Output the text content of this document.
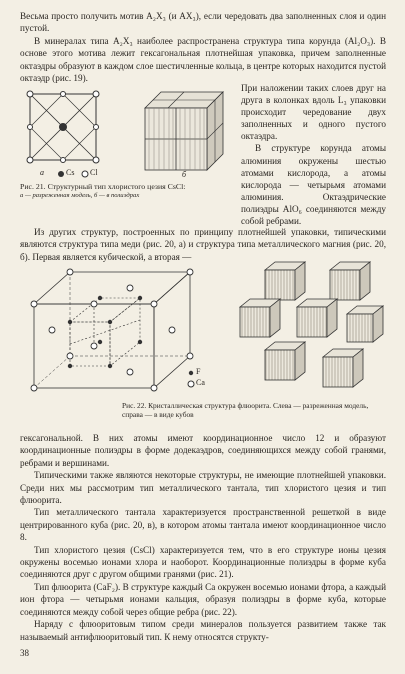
Весьма просто получить мотив A₂X₃ (и AX₃), если чередовать два заполненных слоя и один пустой.

В минералах типа A₂X₃ наиболее распространена структура типа корунда (Al₂O₃). В основе этого мотива лежит гексагональная плотнейшая упаковка, причем заполненные октаэдры образуют в каждом слое шестичленные кольца, в центре которых находится пустой октаэдр (рис. 19).

a	Cs Cl	б
Рис. 21. Структурный тип хлористого цезия CsCl:
а — разреженная модель, б — в полиэдрах

При наложении таких слоев друг на друга в колонках вдоль L₃ упаковки происходит чередование двух заполненных и одного пустого октаэдра.

В структуре корунда атомы алюминия окружены шестью атомами кислорода, а атомы кислорода — четырьмя атомами алюминия. Октаэдрические полиэдры AlO₆ соединяются между собой ребрами.

Из других структур, построенных по принципу плотнейшей упаковки, типическими являются структура типа меди (рис. 20, а) и структура типа металлического магния (рис. 20, б). Первая является кубической, а вторая —
F
Ca
Рис. 22. Кристаллическая структура флюорита. Слева — разреженная модель, справа — в виде кубов

гексагональной. В них атомы имеют координационное число 12 и образуют координационные полиэдры в форме додекаэдров, соединяющихся между собой гранями, ребрами и вершинами.

Типическими также являются некоторые структуры, не имеющие плотнейшей упаковки. Среди них мы рассмотрим тип металлического тантала, тип хлористого цезия и тип флюорита.

Тип металлического тантала характеризуется пространственной решеткой в виде центрированного куба (рис. 20, в), в котором атомы тантала имеют координационное число 8.

Тип хлористого цезия (CsCl) характеризуется тем, что в его структуре ионы цезия окружены восемью ионами хлора и наоборот. Координационные полиэдры в форме куба соединяются друг с другом общими гранями (рис. 21).

Тип флюорита (CaF₂). В структуре каждый Ca окружен восемью ионами фтора, а каждый ион фтора — четырьмя ионами кальция, образуя полиэдры в форме куба, которые соединяются между собой через общие ребра (рис. 22).

Наряду с флюоритовым типом среди минералов пользуется развитием также так называемый антифлюоритовый тип. К нему относятся структу-

38
